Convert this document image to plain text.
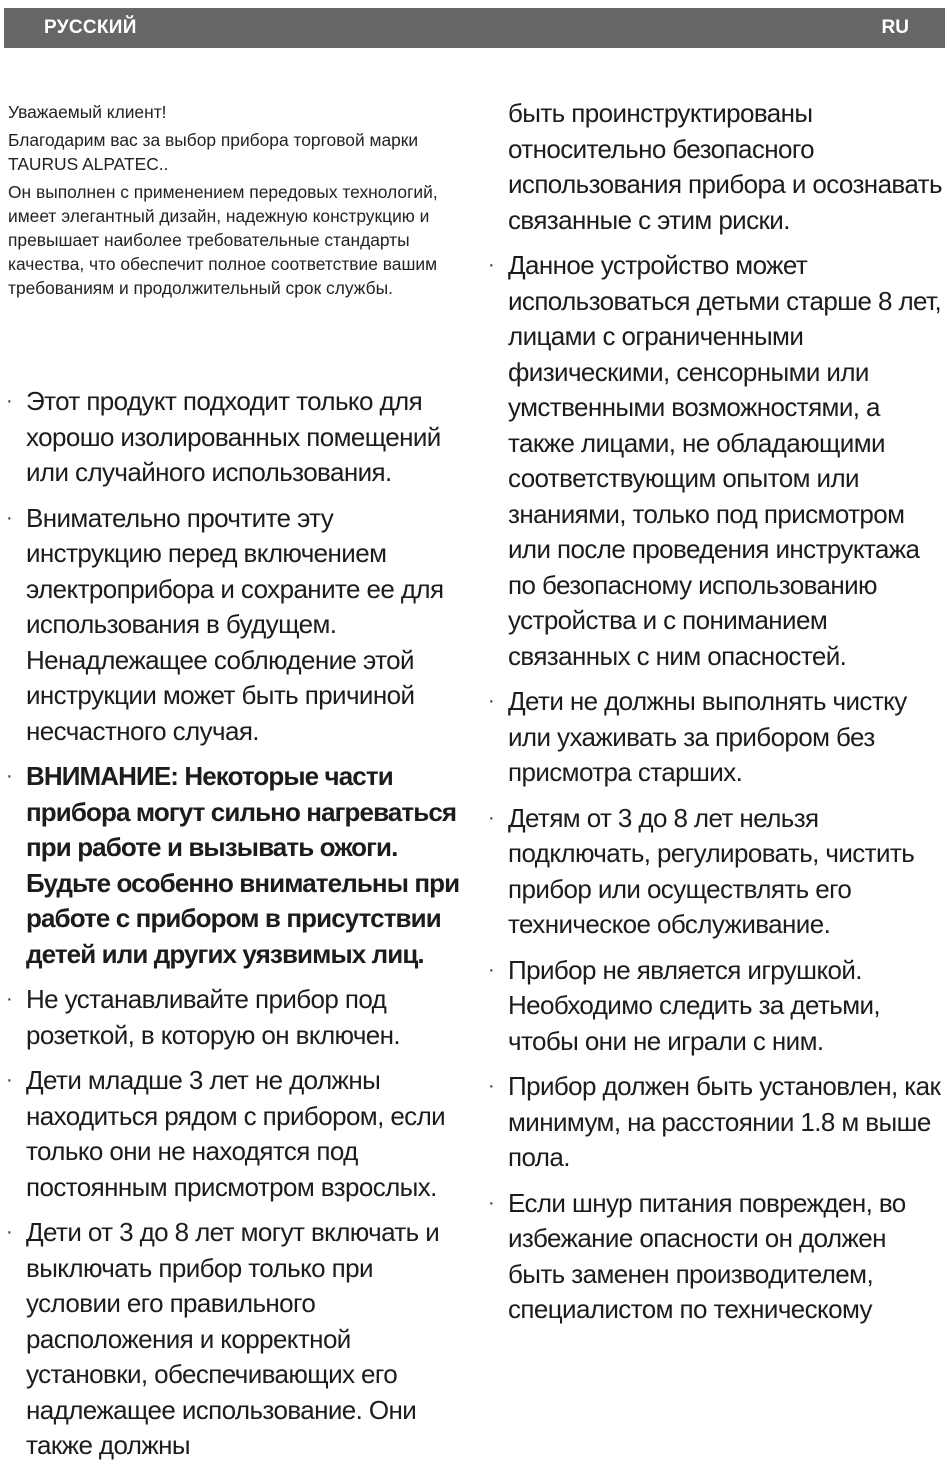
РУССКИЙ	RU

Уважаемый клиент!

Благодарим вас за выбор прибора торговой марки TAURUS ALPATEC..

Он выполнен с применением передовых технологий, имеет элегантный дизайн, надежную конструкцию и превышает наиболее требовательные стандарты качества, что обеспечит полное соответствие вашим требованиям и продолжительный срок службы.

· Этот продукт подходит только для хорошо изолированных помещений или случайного использования.
· Внимательно прочтите эту инструкцию перед включением электроприбора и сохраните ее для использования в будущем. Ненадлежащее соблюдение этой инструкции может быть причиной несчастного случая.
· ВНИМАНИЕ: Некоторые части прибора могут сильно нагреваться при работе и вызывать ожоги. Будьте особенно внимательны при работе с прибором в присутствии детей или других уязвимых лиц.
· Не устанавливайте прибор под розеткой, в которую он включен.
· Дети младше 3 лет не должны находиться рядом с прибором, если только они не находятся под постоянным присмотром взрослых.
· Дети от 3 до 8 лет могут включать и выключать прибор только при условии его правильного расположения и корректной установки, обеспечивающих его надлежащее использование. Они также должны
быть проинструктированы относительно безопасного использования прибора и осознавать связанные с этим риски.
· Данное устройство может использоваться детьми старше 8 лет, лицами с ограниченными физическими, сенсорными или умственными возможностями, а также лицами, не обладающими соответствующим опытом или знаниями, только под присмотром или после проведения инструктажа по безопасному использованию устройства и с пониманием связанных с ним опасностей.
· Дети не должны выполнять чистку или ухаживать за прибором без присмотра старших.
· Детям от 3 до 8 лет нельзя подключать, регулировать, чистить прибор или осуществлять его техническое обслуживание.
· Прибор не является игрушкой. Необходимо следить за детьми, чтобы они не играли с ним.
· Прибор должен быть установлен, как минимум, на расстоянии 1.8 м выше пола.
· Если шнур питания поврежден, во избежание опасности он должен быть заменен производителем, специалистом по техническому
